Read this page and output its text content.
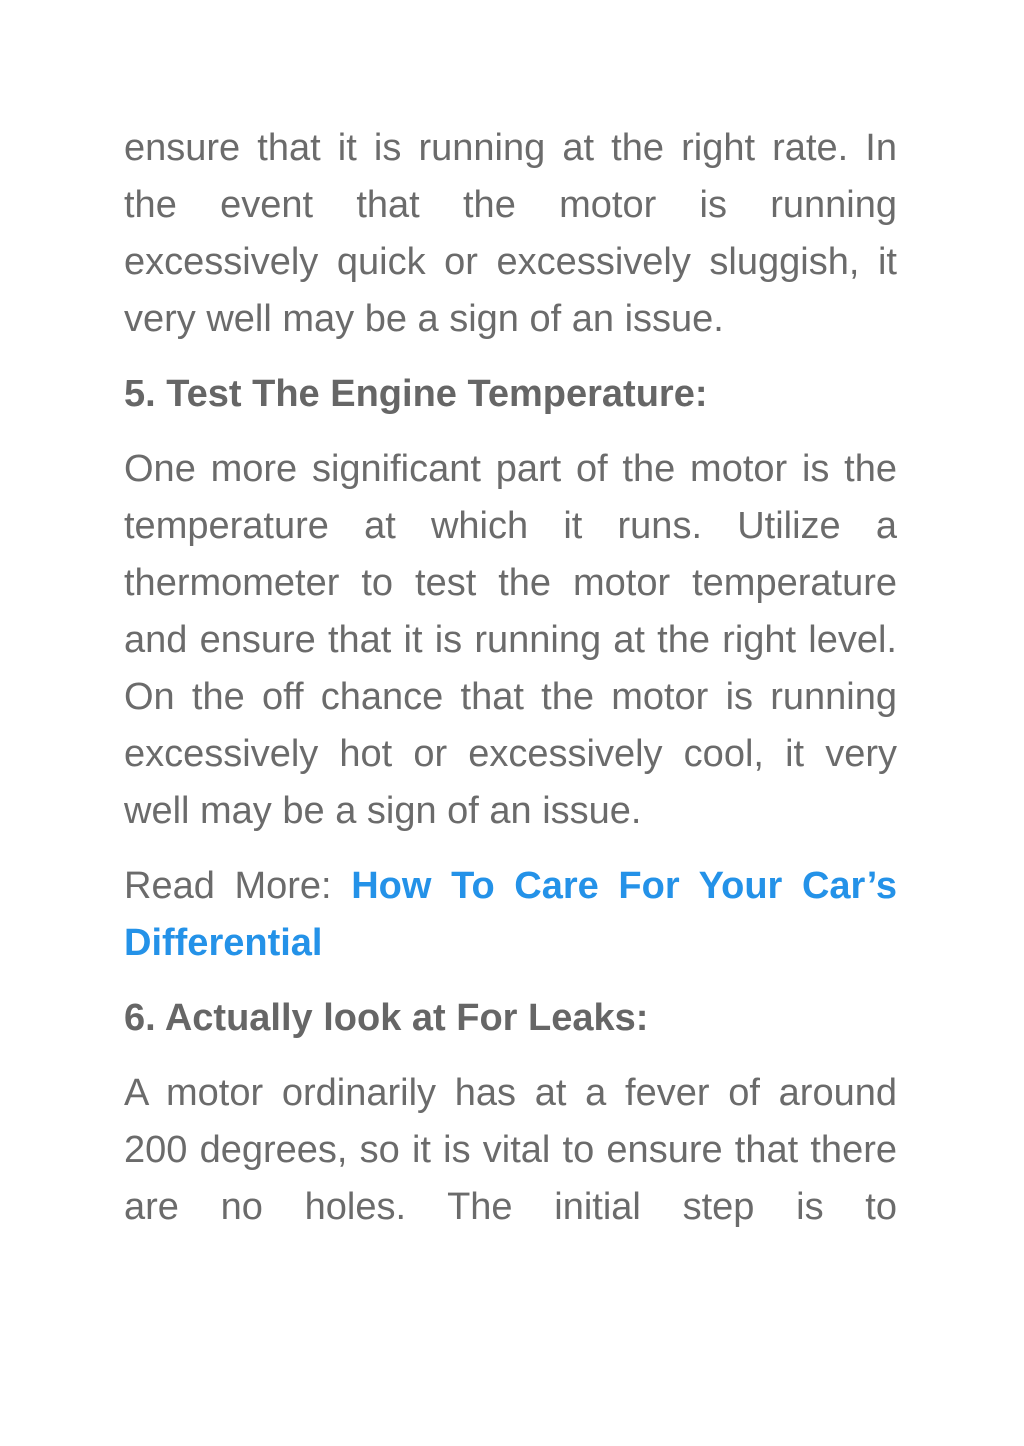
ensure that it is running at the right rate. In the event that the motor is running excessively quick or excessively sluggish, it very well may be a sign of an issue.

5. Test The Engine Temperature:

One more significant part of the motor is the temperature at which it runs. Utilize a thermometer to test the motor temperature and ensure that it is running at the right level. On the off chance that the motor is running excessively hot or excessively cool, it very well may be a sign of an issue.

Read More: How To Care For Your Car’s Differential

6. Actually look at For Leaks:

A motor ordinarily has at a fever of around 200 degrees, so it is vital to ensure that there are no holes. The initial step is to
